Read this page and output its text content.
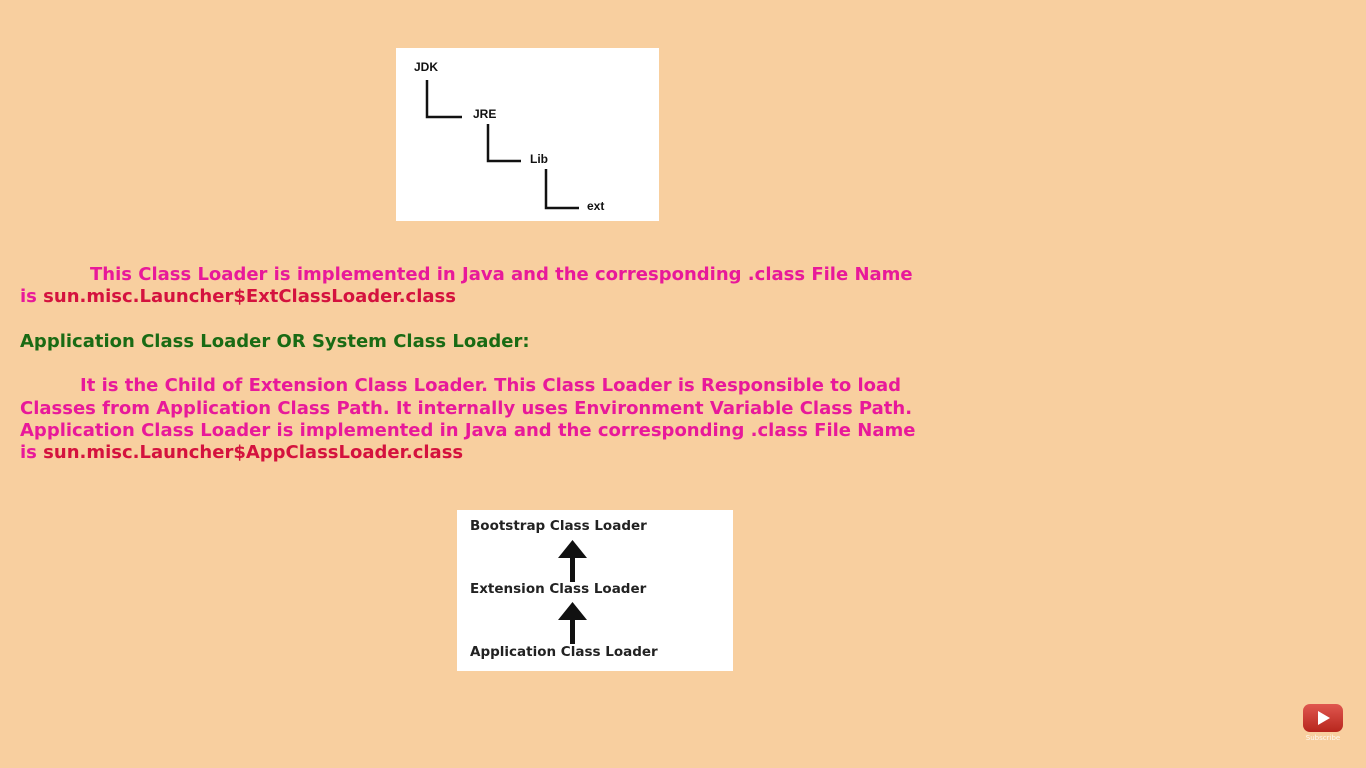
JDK
JRE
Lib
ext

This Class Loader is implemented in Java and the corresponding .class File Name

is sun.misc.Launcher$ExtClassLoader.class

Application Class Loader OR System Class Loader:

It is the Child of Extension Class Loader. This Class Loader is Responsible to load

Classes from Application Class Path. It internally uses Environment Variable Class Path.

Application Class Loader is implemented in Java and the corresponding .class File Name

is sun.misc.Launcher$AppClassLoader.class

Bootstrap Class Loader
Extension Class Loader
Application Class Loader
Subscribe
